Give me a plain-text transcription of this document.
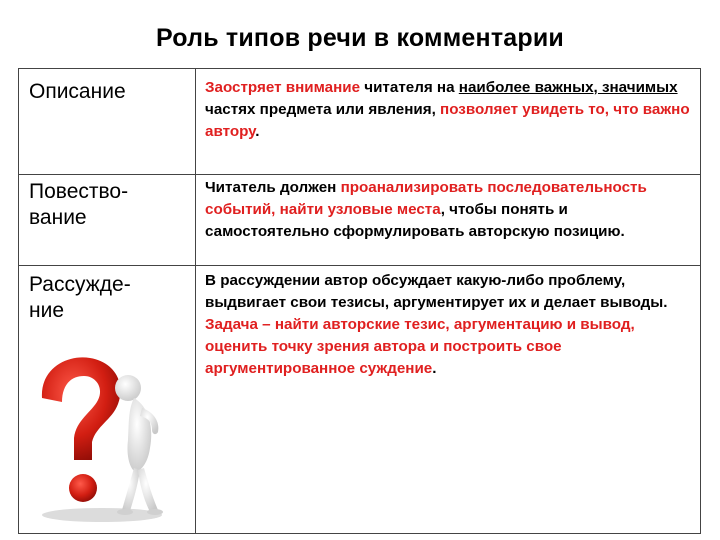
Роль типов речи в комментарии
Описание	Заостряет внимание читателя на наиболее важных, значимых частях предмета или явления, позволяет увидеть то, что важно автору.
Повество-
вание
Читатель должен проанализировать последовательность событий, найти узловые места, чтобы понять и самостоятельно сформулировать авторскую позицию.
Рассужде-
ние
В рассуждении автор обсуждает какую-либо проблему, выдвигает свои тезисы, аргументирует их и делает выводы. Задача – найти авторские тезис, аргументацию и вывод, оценить точку зрения автора и построить свое аргументированное суждение.
